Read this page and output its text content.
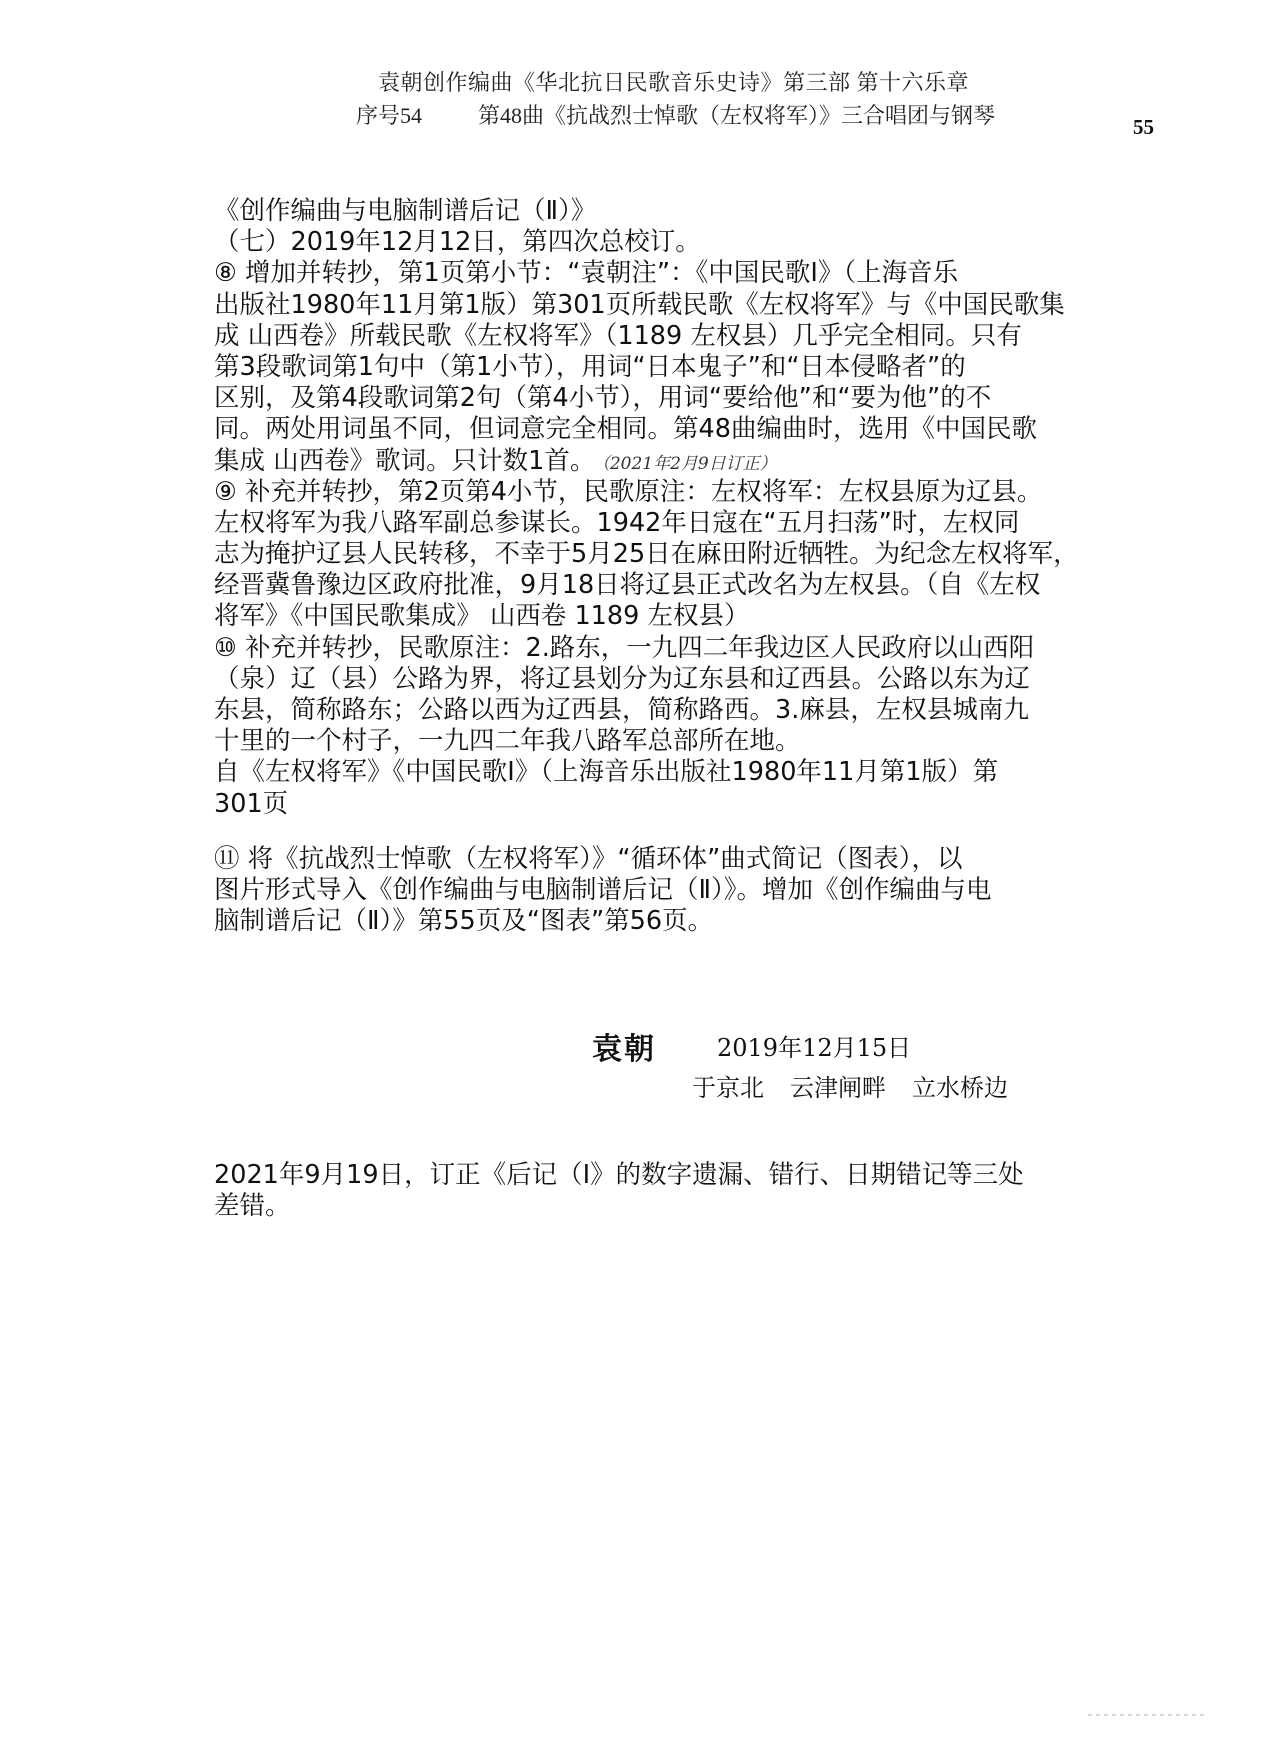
袁朝创作编曲《华北抗日民歌音乐史诗》第三部 第十六乐章
序号54	第48曲《抗战烈士悼歌（左权将军）》三合唱团与钢琴	55
《创作编曲与电脑制谱后记（Ⅱ）》
（七）2019年12月12日，第四次总校订。
⑧ 增加并转抄，第1页第小节：“袁朝注”：《中国民歌Ⅰ》（上海音乐
出版社1980年11月第1版）第301页所载民歌《左权将军》与《中国民歌集
成 山西卷》所载民歌《左权将军》（1189 左权县）几乎完全相同。只有
第3段歌词第1句中（第1小节），用词“日本鬼子”和“日本侵略者”的
区别，及第4段歌词第2句（第4小节），用词“要给他”和“要为他”的不
同。两处用词虽不同，但词意完全相同。第48曲编曲时，选用《中国民歌
集成 山西卷》歌词。只计数1首。 （2021年2月9日订正）
⑨ 补充并转抄，第2页第4小节，民歌原注：左权将军：左权县原为辽县。
左权将军为我八路军副总参谋长。1942年日寇在“五月扫荡”时，左权同
志为掩护辽县人民转移，不幸于5月25日在麻田附近牺牲。为纪念左权将军，
经晋冀鲁豫边区政府批准，9月18日将辽县正式改名为左权县。（自《左权
将军》《中国民歌集成》 山西卷 1189 左权县）
⑩ 补充并转抄，民歌原注：2.路东，一九四二年我边区人民政府以山西阳
（泉）辽（县）公路为界，将辽县划分为辽东县和辽西县。公路以东为辽
东县，简称路东；公路以西为辽西县，简称路西。3.麻县，左权县城南九
十里的一个村子，一九四二年我八路军总部所在地。
自《左权将军》《中国民歌Ⅰ》（上海音乐出版社1980年11月第1版）第
301页
⑪ 将《抗战烈士悼歌（左权将军）》“循环体”曲式简记（图表），以
图片形式导入《创作编曲与电脑制谱后记（Ⅱ）》。增加《创作编曲与电
脑制谱后记（Ⅱ）》第55页及“图表”第56页。
袁朝	2019年12月15日
于京北 云津闸畔 立水桥边
2021年9月19日，订正《后记（Ⅰ》的数字遗漏、错行、日期错记等三处
差错。
